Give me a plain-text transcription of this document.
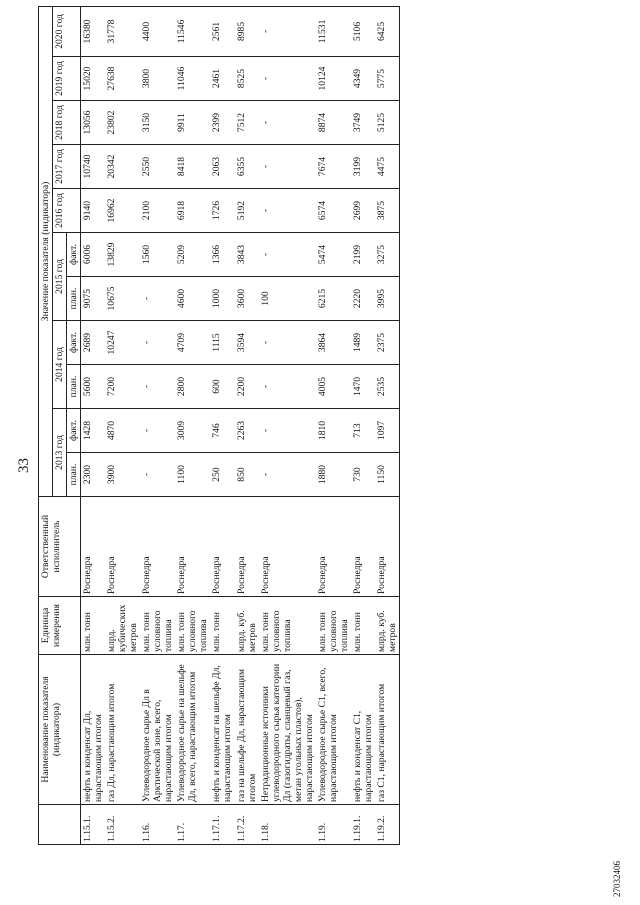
33
27032406
	Наименование показателя (индикатора)	Единица измерения	Ответственный исполнитель	Значение показателя (индикатора)										
				2013 год		2014 год		2015 год		2016 год	2017 год	2018 год	2019 год	2020 год
				план.	факт.	план.	факт.	план.	факт.					
1.15.1.	нефть и конденсат Дл, нарастающим итогом	млн. тонн	Роснедра	2300	1428	5600	2689	9075	6006	9140	10740	13056	15020	16380
1.15.2.	газ Дл, нарастающим итогом	млрд. кубических метров	Роснедра	3900	4870	7200	10247	10675	13829	16962	20342	23802	27638	31778
1.16.	Углеводородное сырье Дл в Арктической зоне, всего, нарастающим итогом	млн. тонн условного топлива	Роснедра	-	-	-	-	-	1560	2100	2550	3150	3800	4400
1.17.	Углеводородное сырье на шельфе Дл, всего, нарастающим итогом	млн. тонн условного топлива	Роснедра	1100	3009	2800	4709	4600	5209	6918	8418	9911	11046	11546
1.17.1.	нефть и конденсат на шельфе Дл, нарастающим итогом	млн. тонн	Роснедра	250	746	600	1115	1000	1366	1726	2063	2399	2461	2561
1.17.2.	газ на шельфе Дл, нарастающим итогом	млрд. куб. метров	Роснедра	850	2263	2200	3594	3600	3843	5192	6355	7512	8525	8985
1.18.	Нетрадиционные источники углеводородного сырья категории Дл (газогидраты, сланцевый газ, метан угольных пластов), нарастающим итогом	млн. тонн условного топлива	Роснедра	-	-	-	-	100	-	-	-	-	-	-
1.19.	Углеводородное сырье С1, всего, нарастающим итогом	млн. тонн условного топлива	Роснедра	1880	1810	4005	3864	6215	5474	6574	7674	8874	10124	11531
1.19.1.	нефть и конденсат С1, нарастающим итогом	млн. тонн	Роснедра	730	713	1470	1489	2220	2199	2699	3199	3749	4349	5106
1.19.2.	газ С1, нарастающим итогом	млрд. куб. метров	Роснедра	1150	1097	2535	2375	3995	3275	3875	4475	5125	5775	6425
